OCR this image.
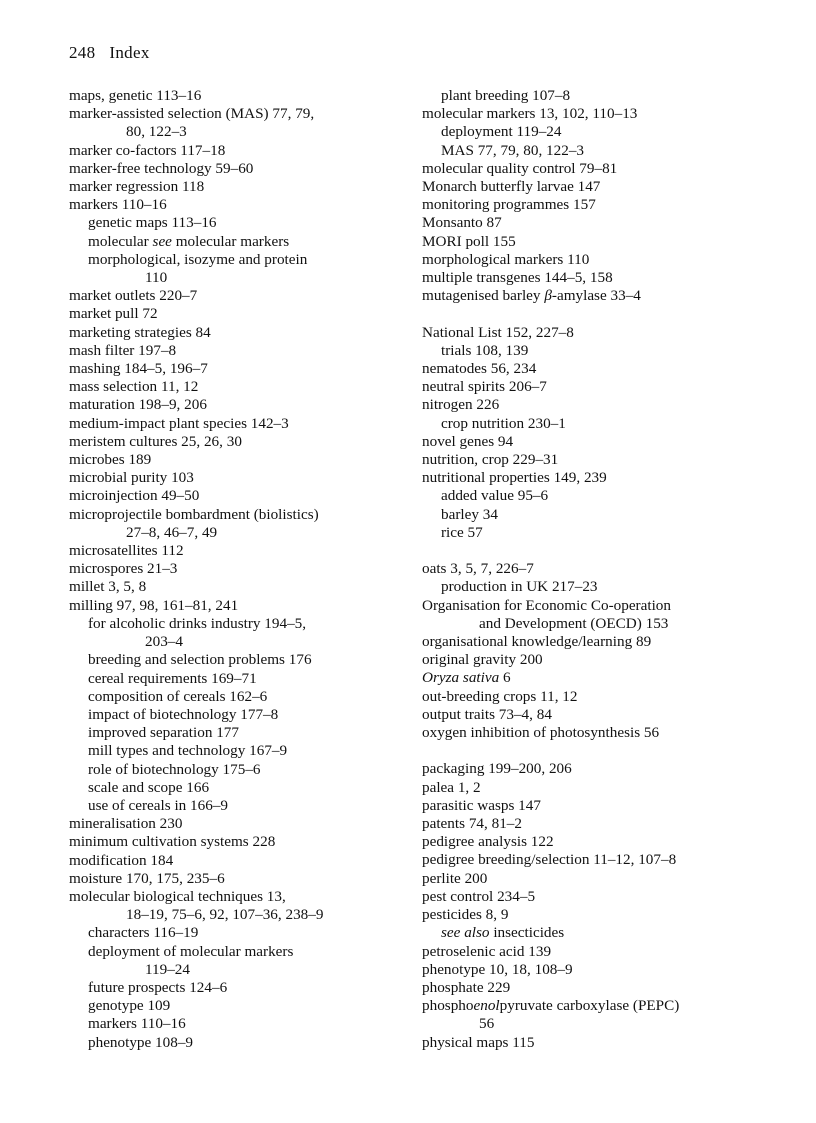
248 Index
maps, genetic 113–16
marker-assisted selection (MAS) 77, 79,
80, 122–3
marker co-factors 117–18
marker-free technology 59–60
marker regression 118
markers 110–16
genetic maps 113–16
molecular see molecular markers
morphological, isozyme and protein
110
market outlets 220–7
market pull 72
marketing strategies 84
mash filter 197–8
mashing 184–5, 196–7
mass selection 11, 12
maturation 198–9, 206
medium-impact plant species 142–3
meristem cultures 25, 26, 30
microbes 189
microbial purity 103
microinjection 49–50
microprojectile bombardment (biolistics)
27–8, 46–7, 49
microsatellites 112
microspores 21–3
millet 3, 5, 8
milling 97, 98, 161–81, 241
for alcoholic drinks industry 194–5,
203–4
breeding and selection problems 176
cereal requirements 169–71
composition of cereals 162–6
impact of biotechnology 177–8
improved separation 177
mill types and technology 167–9
role of biotechnology 175–6
scale and scope 166
use of cereals in 166–9
mineralisation 230
minimum cultivation systems 228
modification 184
moisture 170, 175, 235–6
molecular biological techniques 13,
18–19, 75–6, 92, 107–36, 238–9
characters 116–19
deployment of molecular markers
119–24
future prospects 124–6
genotype 109
markers 110–16
phenotype 108–9
plant breeding 107–8
molecular markers 13, 102, 110–13
deployment 119–24
MAS 77, 79, 80, 122–3
molecular quality control 79–81
Monarch butterfly larvae 147
monitoring programmes 157
Monsanto 87
MORI poll 155
morphological markers 110
multiple transgenes 144–5, 158
mutagenised barley β-amylase 33–4
National List 152, 227–8
trials 108, 139
nematodes 56, 234
neutral spirits 206–7
nitrogen 226
crop nutrition 230–1
novel genes 94
nutrition, crop 229–31
nutritional properties 149, 239
added value 95–6
barley 34
rice 57
oats 3, 5, 7, 226–7
production in UK 217–23
Organisation for Economic Co-operation
and Development (OECD) 153
organisational knowledge/learning 89
original gravity 200
Oryza sativa 6
out-breeding crops 11, 12
output traits 73–4, 84
oxygen inhibition of photosynthesis 56
packaging 199–200, 206
palea 1, 2
parasitic wasps 147
patents 74, 81–2
pedigree analysis 122
pedigree breeding/selection 11–12, 107–8
perlite 200
pest control 234–5
pesticides 8, 9
see also insecticides
petroselenic acid 139
phenotype 10, 18, 108–9
phosphate 229
phosphoenolpyruvate carboxylase (PEPC)
56
physical maps 115
